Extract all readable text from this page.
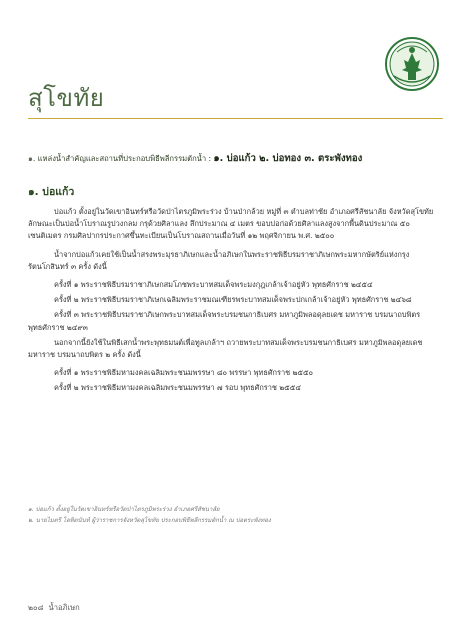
สุโขทัย
๑. แหล่งน้ำสำคัญและสถานที่ประกอบพิธีพลีกรรมตักน้ำ : ๑. บ่อแก้ว ๒. บ่อทอง ๓. ตระพังทอง
๑. บ่อแก้ว

บ่อแก้ว ตั้งอยู่ในวัดเขาอินทร์หรือวัดป่าไตรภูมิพระร่วง บ้านป่ากล้วย หมู่ที่ ๓ ตำบลท่าชัย อำเภอศรีสัชนาลัย จังหวัดสุโขทัย ลักษณะเป็นบ่อน้ำโบราณรูปวงกลม กรุด้วยศิลาแลง ลึกประมาณ ๔ เมตร ขอบบ่อก่อด้วยศิลาแลงสูงจากพื้นดินประมาณ ๕๐ เซนติเมตร กรมศิลปากรประกาศขึ้นทะเบียนเป็นโบราณสถานเมื่อวันที่ ๑๒ พฤศจิกายน พ.ศ. ๒๕๐๐

น้ำจากบ่อแก้วเคยใช้เป็นน้ำสรงพระมุรธาภิเษกและน้ำอภิเษกในพระราชพิธีบรมราชาภิเษกพระมหากษัตริย์แห่งกรุงรัตนโกสินทร์ ๓ ครั้ง ดังนี้

ครั้งที่ ๑ พระราชพิธีบรมราชาภิเษกสมโภชพระบาทสมเด็จพระมงกุฎเกล้าเจ้าอยู่หัว พุทธศักราช ๒๔๕๔

ครั้งที่ ๒ พระราชพิธีบรมราชาภิเษกเฉลิมพระราชมณเฑียรพระบาทสมเด็จพระปกเกล้าเจ้าอยู่หัว พุทธศักราช ๒๔๖๘

ครั้งที่ ๓ พระราชพิธีบรมราชาภิเษกพระบาทสมเด็จพระบรมชนกาธิเบศร มหาภูมิพลอดุลยเดช มหาราช บรมนาถบพิตร พุทธศักราช ๒๔๙๓

นอกจากนี้ยังใช้ในพิธีเสกน้ำพระพุทธมนต์เพื่อทูลเกล้าฯ ถวายพระบาทสมเด็จพระบรมชนกาธิเบศร มหาภูมิพลอดุลยเดชมหาราช บรมนาถบพิตร ๒ ครั้ง ดังนี้

ครั้งที่ ๑ พระราชพิธีมหามงคลเฉลิมพระชนมพรรษา ๘๐ พรรษา พุทธศักราช ๒๕๕๐

ครั้งที่ ๒ พระราชพิธีมหามงคลเฉลิมพระชนมพรรษา ๗ รอบ พุทธศักราช ๒๕๕๔

๑. บ่อแก้ว ตั้งอยู่ในวัดเขาอินทร์หรือวัดป่าไตรภูมิพระร่วง อำเภอศรีสัชนาลัย
๒. นายไมตรี โลหิตนันท์ ผู้ว่าราชการจังหวัดสุโขทัย ประกอบพิธีพลีกรรมตักน้ำ ณ บ่อตระพังทอง
๒๐๘ น้ำอภิเษก
